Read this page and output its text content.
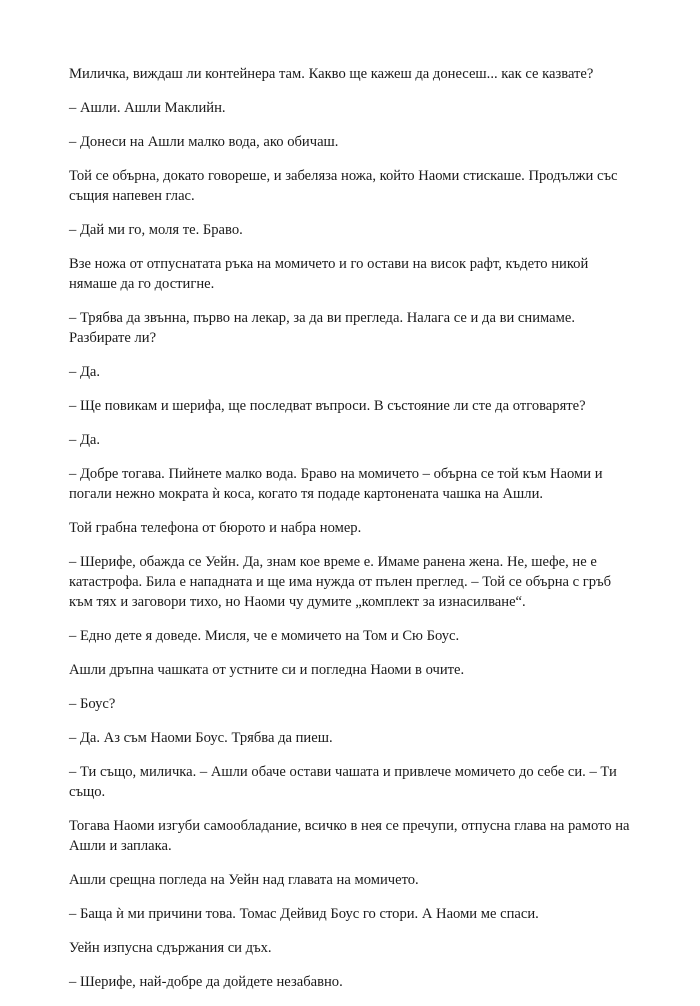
Миличка, виждаш ли контейнера там. Какво ще кажеш да донесеш... как се казвате?

– Ашли. Ашли Маклийн.

– Донеси на Ашли малко вода, ако обичаш.

Той се обърна, докато говореше, и забеляза ножа, който Наоми стискаше. Продължи със същия напевен глас.

– Дай ми го, моля те. Браво.

Взе ножа от отпуснатата ръка на момичето и го остави на висок рафт, където никой нямаше да го достигне.

– Трябва да звънна, първо на лекар, за да ви прегледа. Налага се и да ви снимаме. Разбирате ли?

– Да.

– Ще повикам и шерифа, ще последват въпроси. В състояние ли сте да отговаряте?

– Да.

– Добре тогава. Пийнете малко вода. Браво на момичето – обърна се той към Наоми и погали нежно мократа ѝ коса, когато тя подаде картонената чашка на Ашли.

Той грабна телефона от бюрото и набра номер.

– Шерифе, обажда се Уейн. Да, знам кое време е. Имаме ранена жена. Не, шефе, не е катастрофа. Била е нападната и ще има нужда от пълен преглед. – Той се обърна с гръб към тях и заговори тихо, но Наоми чу думите „комплект за изнасилване“.

– Едно дете я доведе. Мисля, че е момичето на Том и Сю Боус.

Ашли дръпна чашката от устните си и погледна Наоми в очите.

– Боус?

– Да. Аз съм Наоми Боус. Трябва да пиеш.

– Ти също, миличка. – Ашли обаче остави чашата и привлече момичето до себе си. – Ти също.

Тогава Наоми изгуби самообладание, всичко в нея се пречупи, отпусна глава на рамото на Ашли и заплака.

Ашли срещна погледа на Уейн над главата на момичето.

– Баща ѝ ми причини това. Томас Дейвид Боус го стори. А Наоми ме спаси.

Уейн изпусна сдържания си дъх.

– Шерифе, най-добре да дойдете незабавно.
